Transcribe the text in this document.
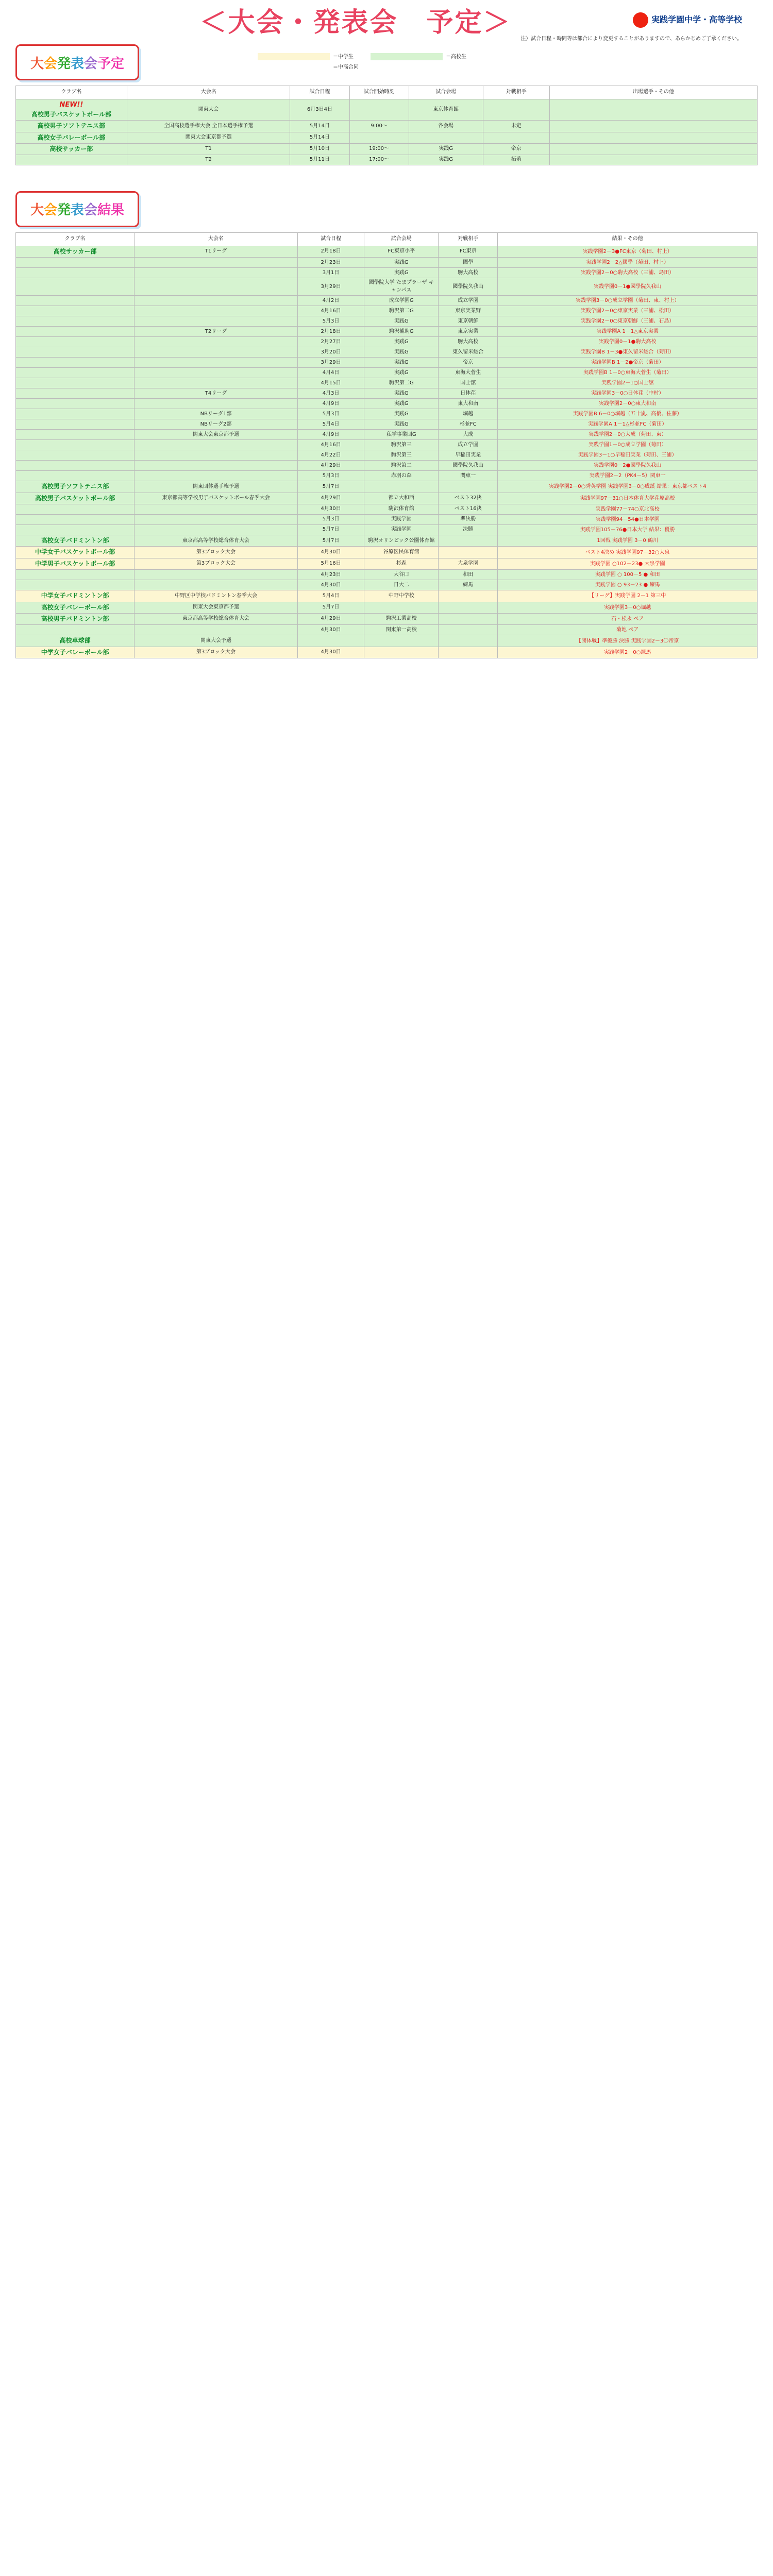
＜大会・発表会　予定＞	実践学園中学・高等学校
注）試合日程・時間等は都合により変更することがありますので、あらかじめご了承ください。
大 会 発 表 会 予定	＝中学生	＝高校生
＝中高合同
クラブ名	大会名	試合日程	試合開始時刻	試合会場	対戦相手	出場選手・その他

NEW!!
高校男子バスケットボール部	関東大会	6月3日4日		東京体育館		
高校男子ソフトテニス部	全国高校選手権大会 全日本選手権予選	5月14日	9:00～	各会場	未定	
高校女子バレーボール部	関東大会東京都予選	5月14日				
高校サッカー部	T1	5月10日	19:00～	実践G	帝京	
	T2	5月11日	17:00～	実践G	拓殖	
大 会 発 表 会 結果
クラブ名	大会名	試合日程	試合会場	対戦相手	結果・その他
高校サッカー部	T1リーグ	2月18日	FC東京小平	FC東京	実践学園2－3●FC東京（菊田、村上）
		2月23日	実践G	國學	実践学園2－2△國學（菊田、村上）
		3月1日	実践G	駒大高校	実践学園2－0○駒大高校（三浦、島田）
		3月29日	國學院大学 たまプラーザ キャンパス	國學院久我山	実践学園0－1●國學院久我山
		4月2日	成立学園G	成立学園	実践学園3－0○成立学園（菊田、東、村上）
		4月16日	駒沢第二G	東京実業野	実践学園2－0○東京実業（三浦、松田）
		5月3日	実践G	東京朝鮮	実践学園2－0○東京朝鮮（三浦、石島）
	T2リーグ	2月18日	駒沢補助G	東京実業	実践学園A 1－1△東京実業
		2月27日	実践G	駒大高校	実践学園0－1●駒大高校
		3月20日	実践G	東久留米総合	実践学園B 1－3●東久留米総合（菊田）
		3月29日	実践G	帝京	実践学園B 1－2●帝京（菊田）
		4月4日	実践G	東海大菅生	実践学園B 1－0○東海大菅生（菊田）
		4月15日	駒沢第二G	国士舘	実践学園2－1○国士舘
	T4リーグ	4月3日	実践G	日体荏	実践学園3－0○日体荏（中村）
		4月9日	実践G	東大和南	実践学園2－0○東大和南
	NBリーグ1部	5月3日	実践G	堀越	実践学園B 6－0○堀越（五十嵐、高橋、佐藤）
	NBリーグ2部	5月4日	実践G	杉並FC	実践学園A 1－1△杉並FC（菊田）
	関東大会東京都予選	4月9日	私学事業団G	大成	実践学園2－0○大成（菊田、東）
		4月16日	駒沢第三	成立学園	実践学園1－0○成立学園（菊田）
		4月22日	駒沢第三	早稲田実業	実践学園3－1○早稲田実業（菊田、三浦）
		4月29日	駒沢第二	國學院久我山	実践学園0－2●國學院久我山
		5月3日	赤羽の森	関東一	実践学園2－2（PK4－5）関東一
高校男子ソフトテニス部	関東団体選手権予選	5月7日			実践学園2－0○秀英学園 実践学園3－0○成蹊 結果：東京都ベスト4
高校男子バスケットボール部	東京都高等学校男子バスケットボール春季大会	4月29日	都立大和西	ベスト32決	実践学園97－31○日本体育大学荏原高校
		4月30日	駒沢体育館	ベスト16決	実践学園77－74○京北高校
		5月3日	実践学園	準決勝	実践学園94－54●日本学園
		5月7日	実践学園	決勝	実践学園105－76●日本大学 結果：優勝
高校女子バドミントン部	東京都高等学校総合体育大会	5月7日	駒沢オリンピック公園体育館		1回戦 実践学園 3－0 鶴川
中学女子バスケットボール部	第3ブロック大会	4月30日	谷原区民体育館		ベスト4決め 実践学園97－32○大泉
中学男子バスケットボール部	第3ブロック大会	5月16日	杉森	大泉学園	実践学園 ○102－23● 大泉学園
		4月23日	大谷口	和田	実践学園 ○ 100－5 ● 和田
		4月30日	日大二	練馬	実践学園 ○ 93－23 ● 練馬
中学女子バドミントン部	中野区中学校バドミントン春季大会	5月4日	中野中学校		【リーグ】実践学園 2－1 第三中
高校女子バレーボール部	関東大会東京都予選	5月7日			実践学園3－0○堀越
高校男子バドミントン部	東京都高等学校総合体育大会	4月29日	駒沢工業高校		石・松永 ペア
		4月30日	関東第一高校		菊地 ペア
高校卓球部	関東大会予選				【団体戦】準優勝 決勝 実践学園2－3〇帝京
中学女子バレーボール部	第3ブロック大会	4月30日			実践学園2－0○練馬
